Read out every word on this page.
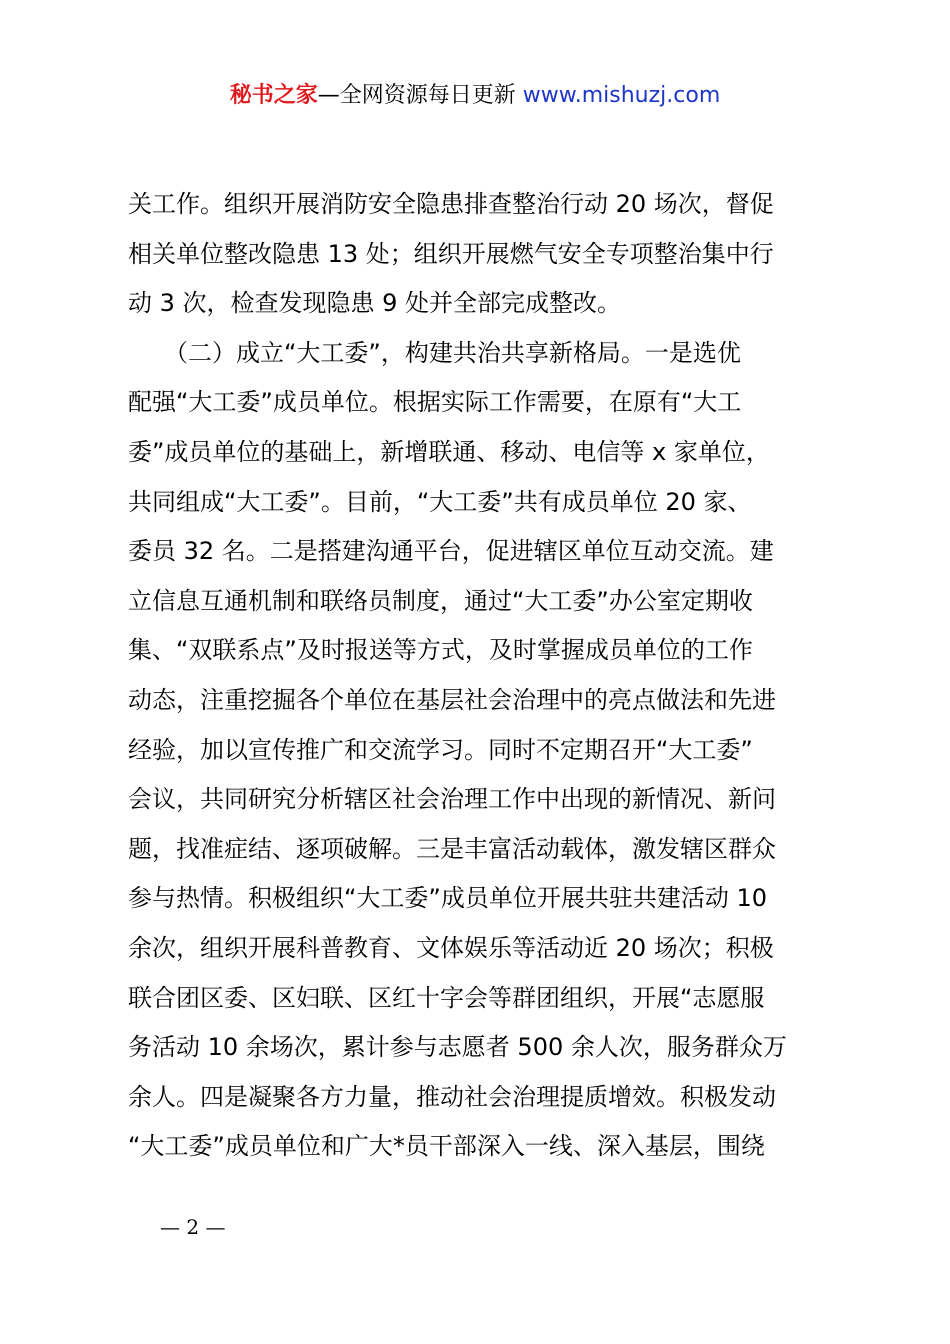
秘书之家—全网资源每日更新 www.mishuzj.com
关工作。组织开展消防安全隐患排查整治行动 20 场次，督促
相关单位整改隐患 13 处；组织开展燃气安全专项整治集中行
动 3 次，检查发现隐患 9 处并全部完成整改。
　　（二）成立“大工委”，构建共治共享新格局。一是选优
配强“大工委”成员单位。根据实际工作需要，在原有“大工
委”成员单位的基础上，新增联通、移动、电信等 x 家单位，
共同组成“大工委”。目前，“大工委”共有成员单位 20 家、
委员 32 名。二是搭建沟通平台，促进辖区单位互动交流。建
立信息互通机制和联络员制度，通过“大工委”办公室定期收
集、“双联系点”及时报送等方式，及时掌握成员单位的工作
动态，注重挖掘各个单位在基层社会治理中的亮点做法和先进
经验，加以宣传推广和交流学习。同时不定期召开“大工委”
会议，共同研究分析辖区社会治理工作中出现的新情况、新问
题，找准症结、逐项破解。三是丰富活动载体，激发辖区群众
参与热情。积极组织“大工委”成员单位开展共驻共建活动 10
余次，组织开展科普教育、文体娱乐等活动近 20 场次；积极
联合团区委、区妇联、区红十字会等群团组织，开展“志愿服
务活动 10 余场次，累计参与志愿者 500 余人次，服务群众万
余人。四是凝聚各方力量，推动社会治理提质增效。积极发动
“大工委”成员单位和广大*员干部深入一线、深入基层，围绕
— 2 —
